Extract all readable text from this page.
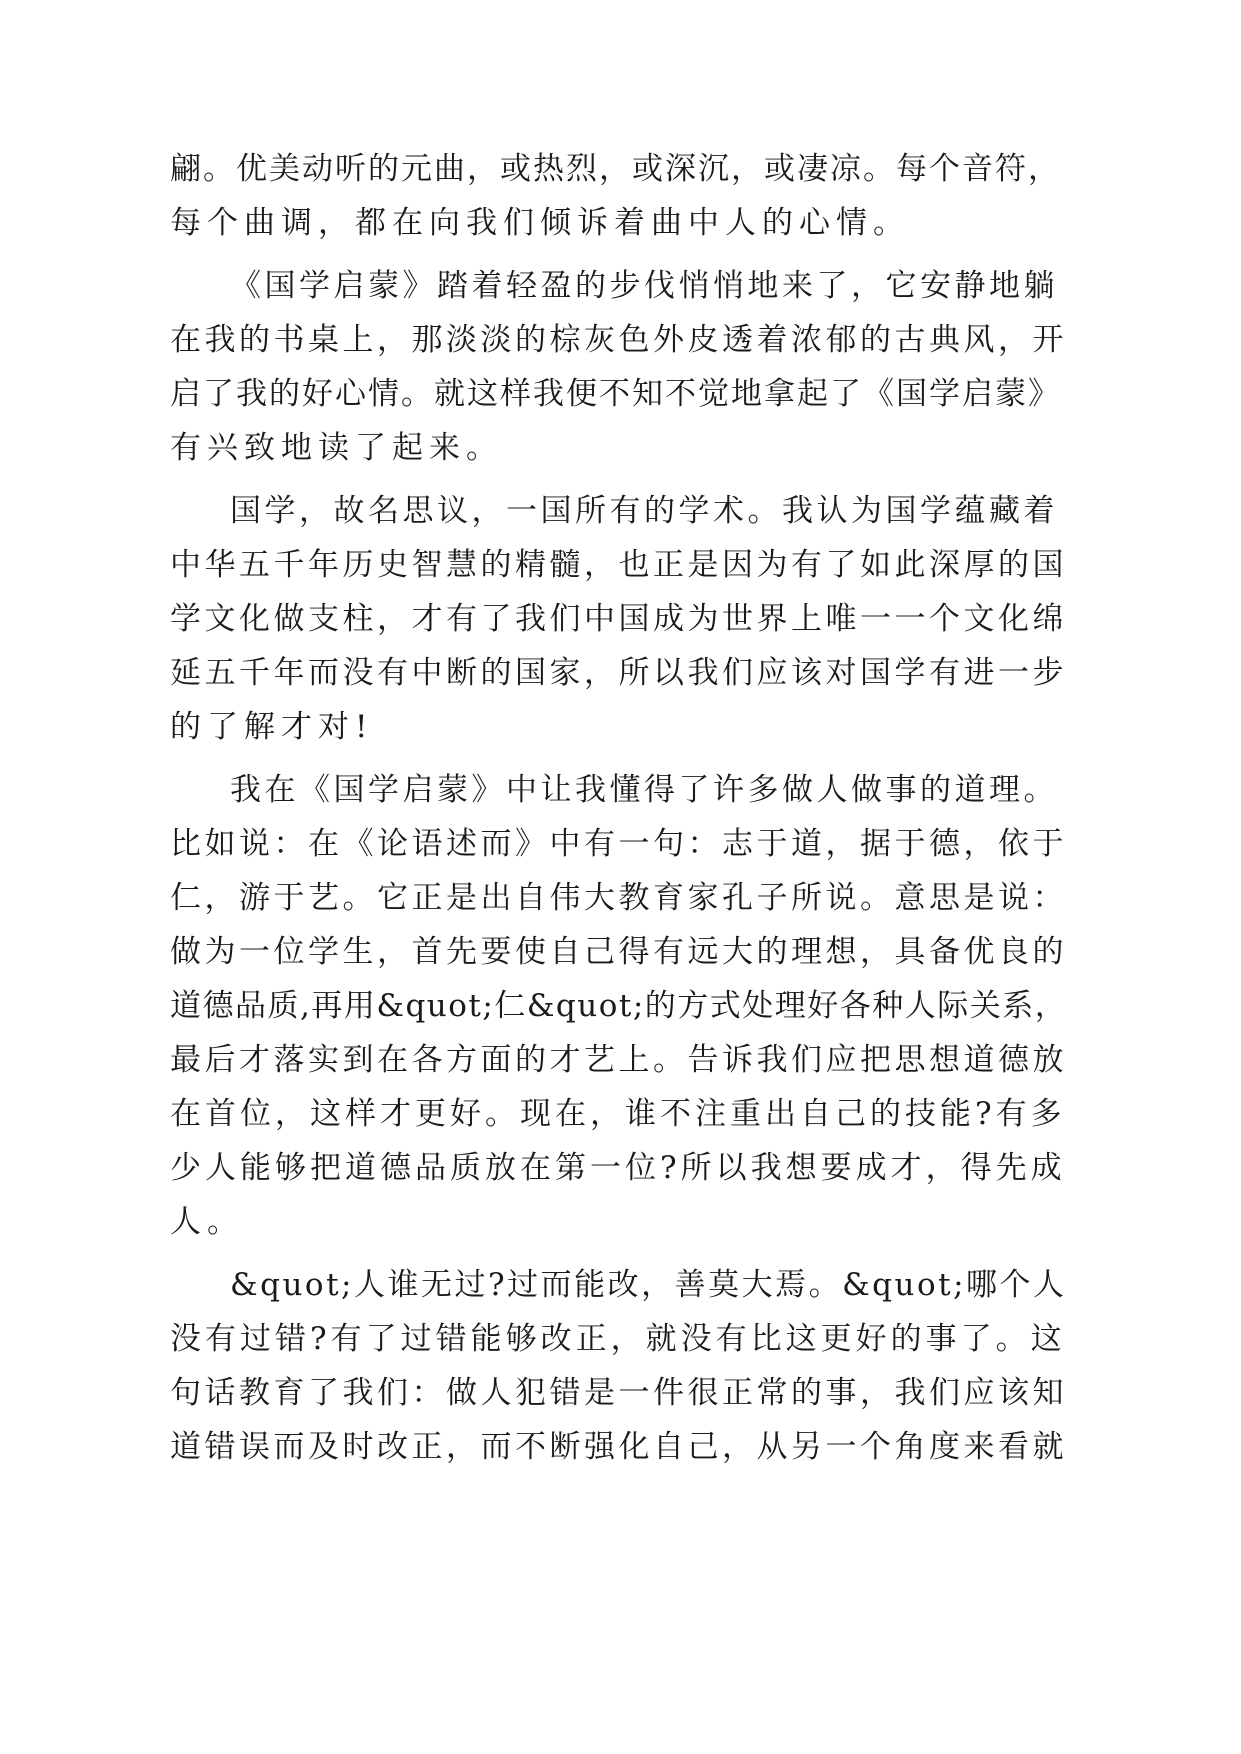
翩。优美动听的元曲，或热烈，或深沉，或凄凉。每个音符，
每个曲调，都在向我们倾诉着曲中人的心情。
《国学启蒙》踏着轻盈的步伐悄悄地来了，它安静地躺
在我的书桌上，那淡淡的棕灰色外皮透着浓郁的古典风，开
启了我的好心情。就这样我便不知不觉地拿起了《国学启蒙》
有兴致地读了起来。
国学，故名思议，一国所有的学术。我认为国学蕴藏着
中华五千年历史智慧的精髓，也正是因为有了如此深厚的国
学文化做支柱，才有了我们中国成为世界上唯一一个文化绵
延五千年而没有中断的国家，所以我们应该对国学有进一步
的了解才对!
我在《国学启蒙》中让我懂得了许多做人做事的道理。
比如说：在《论语述而》中有一句：志于道，据于德，依于
仁，游于艺。它正是出自伟大教育家孔子所说。意思是说：
做为一位学生，首先要使自己得有远大的理想，具备优良的
道德品质,再用&quot;仁&quot;的方式处理好各种人际关系，
最后才落实到在各方面的才艺上。告诉我们应把思想道德放
在首位，这样才更好。现在，谁不注重出自己的技能?有多
少人能够把道德品质放在第一位?所以我想要成才，得先成
人。
&quot;人谁无过?过而能改，善莫大焉。&quot;哪个人
没有过错?有了过错能够改正，就没有比这更好的事了。这
句话教育了我们：做人犯错是一件很正常的事，我们应该知
道错误而及时改正，而不断强化自己，从另一个角度来看就
